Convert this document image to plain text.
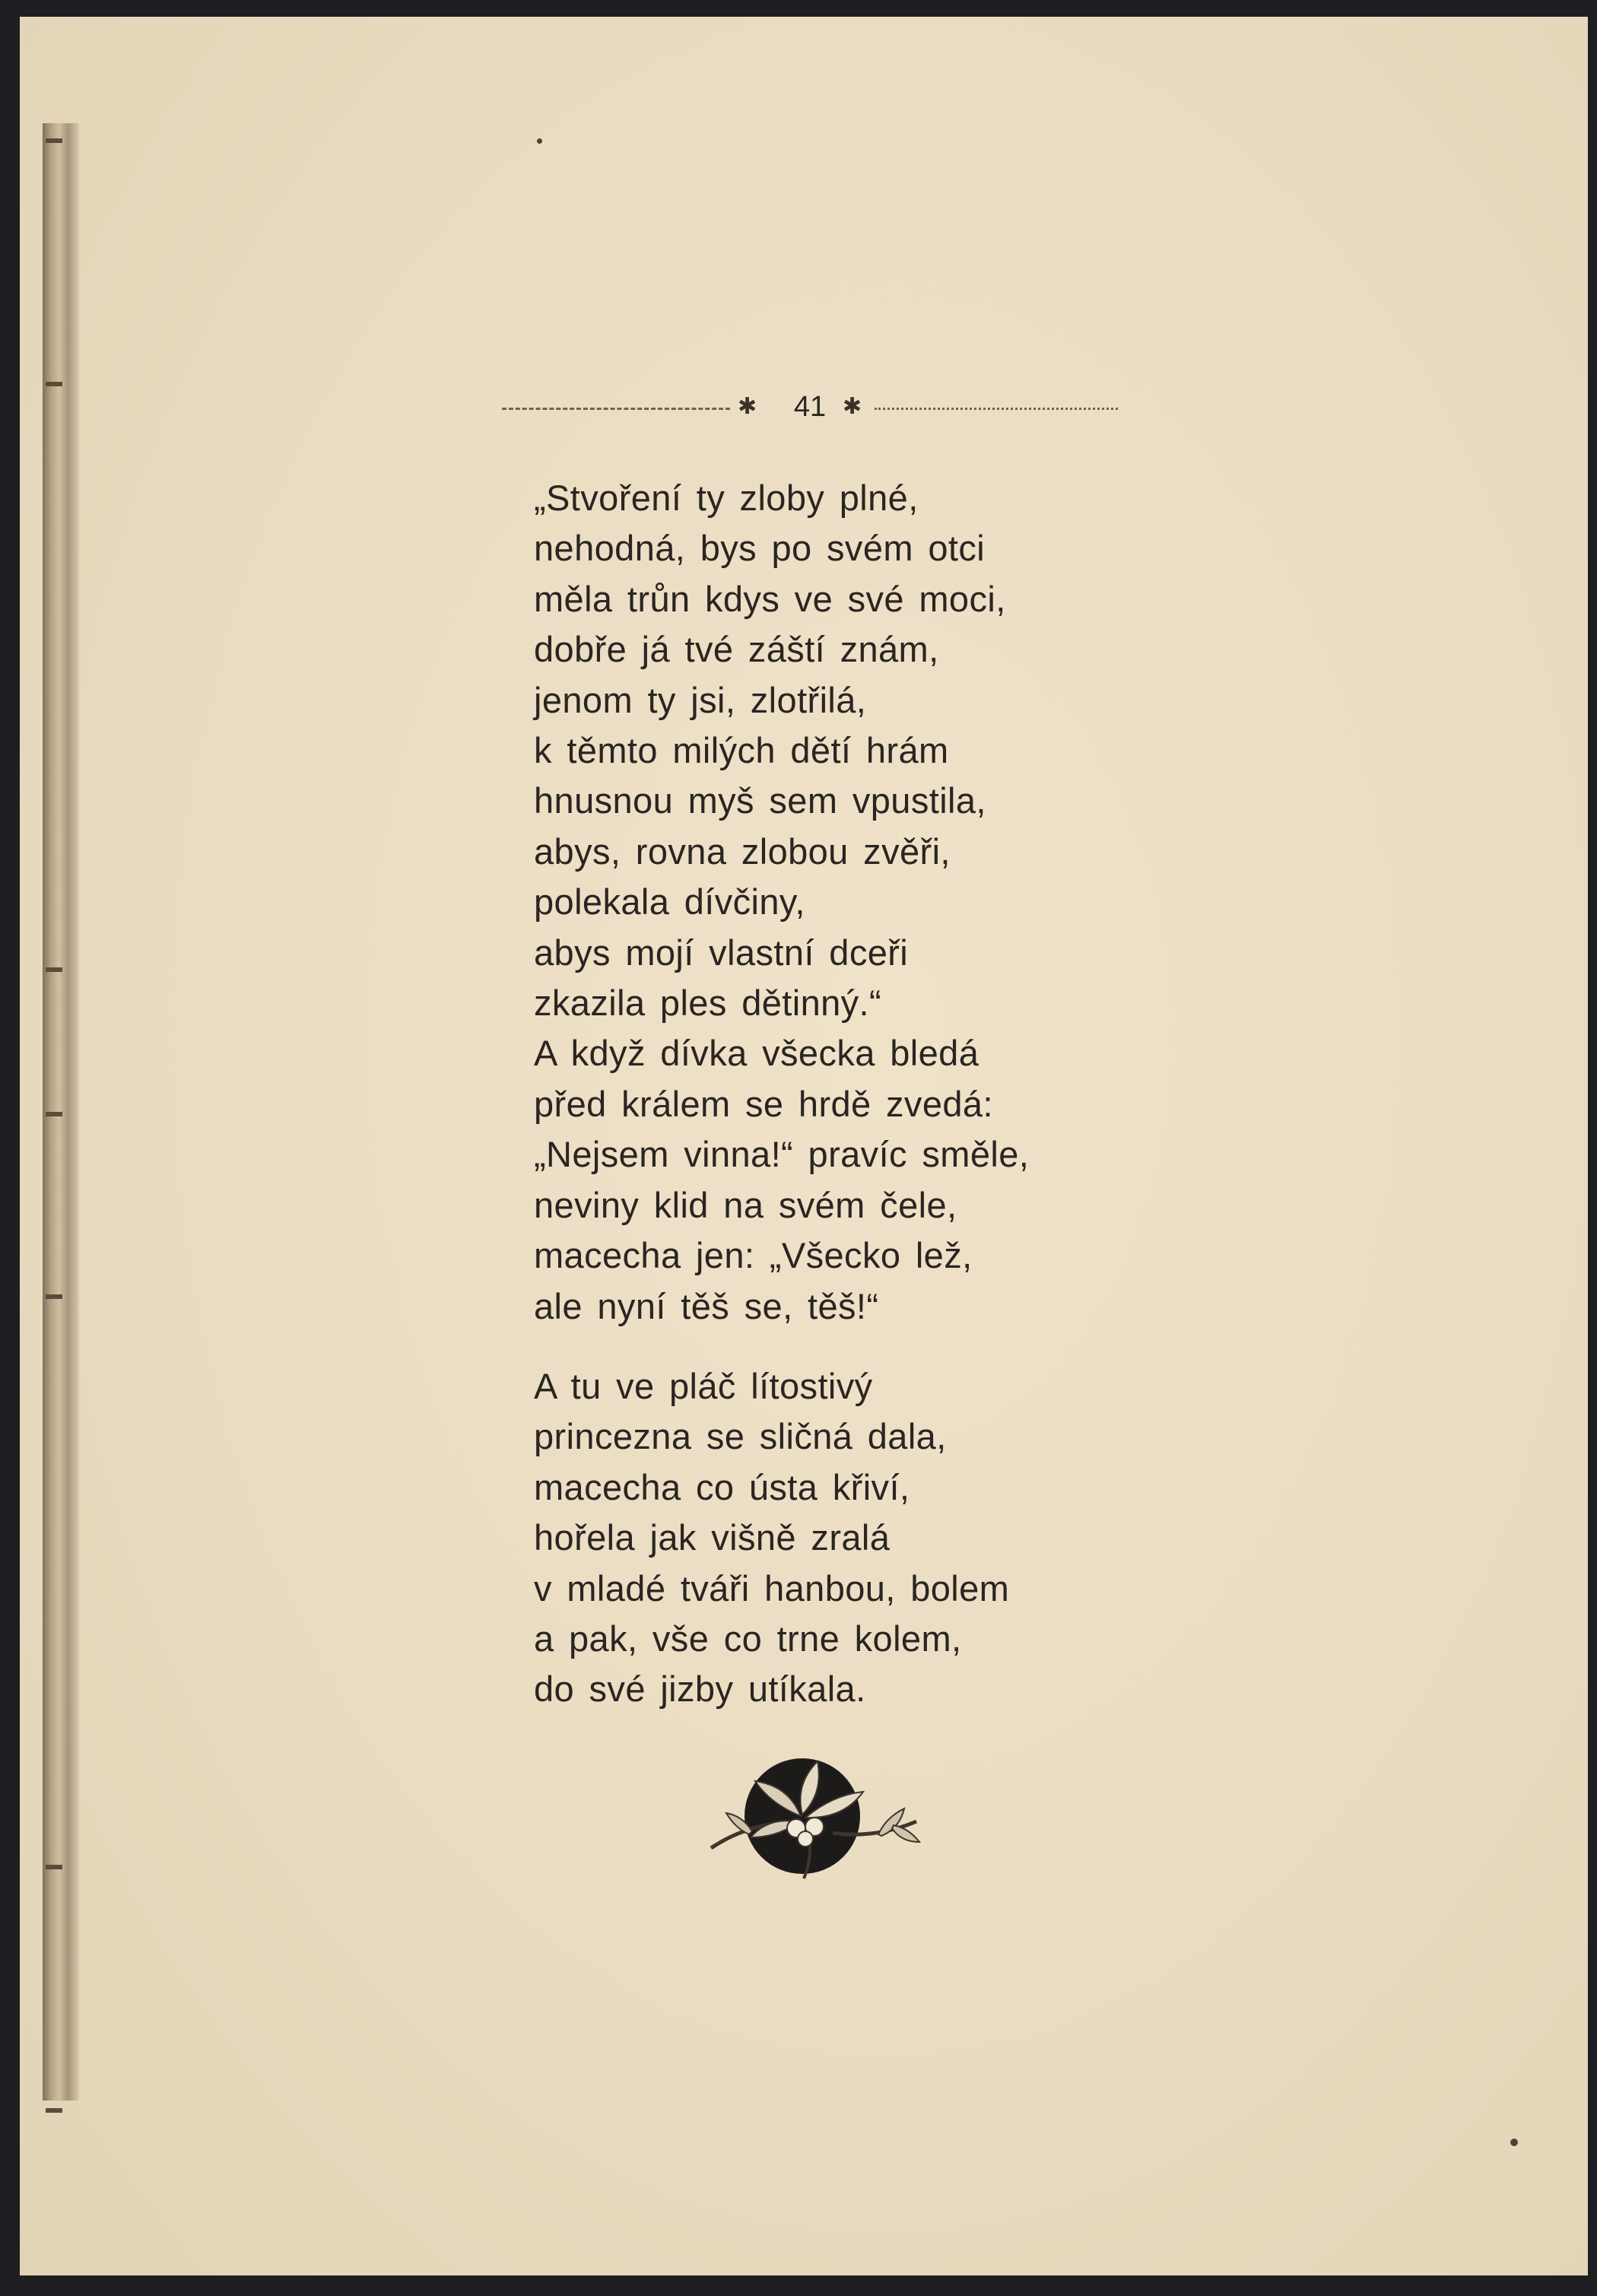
✱	41 ✱
„Stvoření ty zloby plné,
nehodná, bys po svém otci
měla trůn kdys ve své moci,
dobře já tvé záští znám,
jenom ty jsi, zlotřilá,
k těmto milých dětí hrám
hnusnou myš sem vpustila,
abys, rovna zlobou zvěři,
polekala dívčiny,
abys mojí vlastní dceři
zkazila ples dětinný.“
A když dívka všecka bledá
před králem se hrdě zvedá:
„Nejsem vinna!“ pravíc směle,
neviny klid na svém čele,
macecha jen: „Všecko lež,
ale nyní těš se, těš!“
A tu ve pláč lítostivý
princezna se sličná dala,
macecha co ústa křiví,
hořela jak višně zralá
v mladé tváři hanbou, bolem
a pak, vše co trne kolem,
do své jizby utíkala.
